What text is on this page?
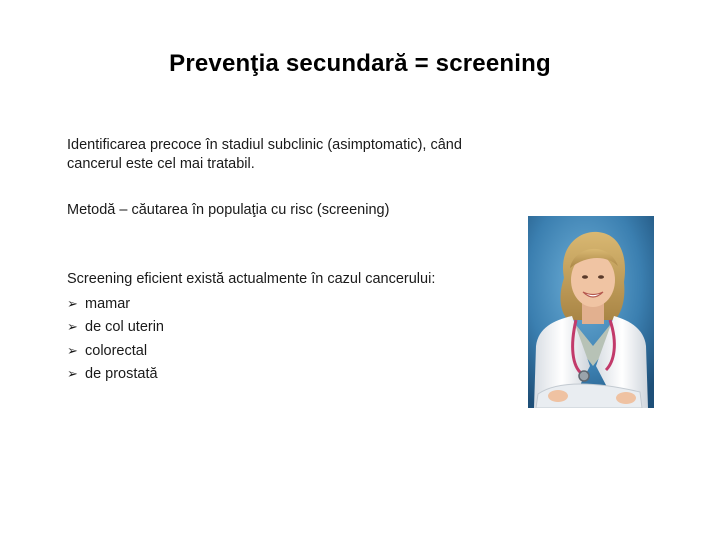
Prevenţia secundară = screening
Identificarea precoce în stadiul subclinic (asimptomatic), când cancerul este cel mai tratabil.
Metodă – căutarea în populaţia cu risc (screening)
Screening eficient există actualmente în cazul cancerului:
➢ mamar
➢ de col uterin
➢ colorectal
➢ de prostată
